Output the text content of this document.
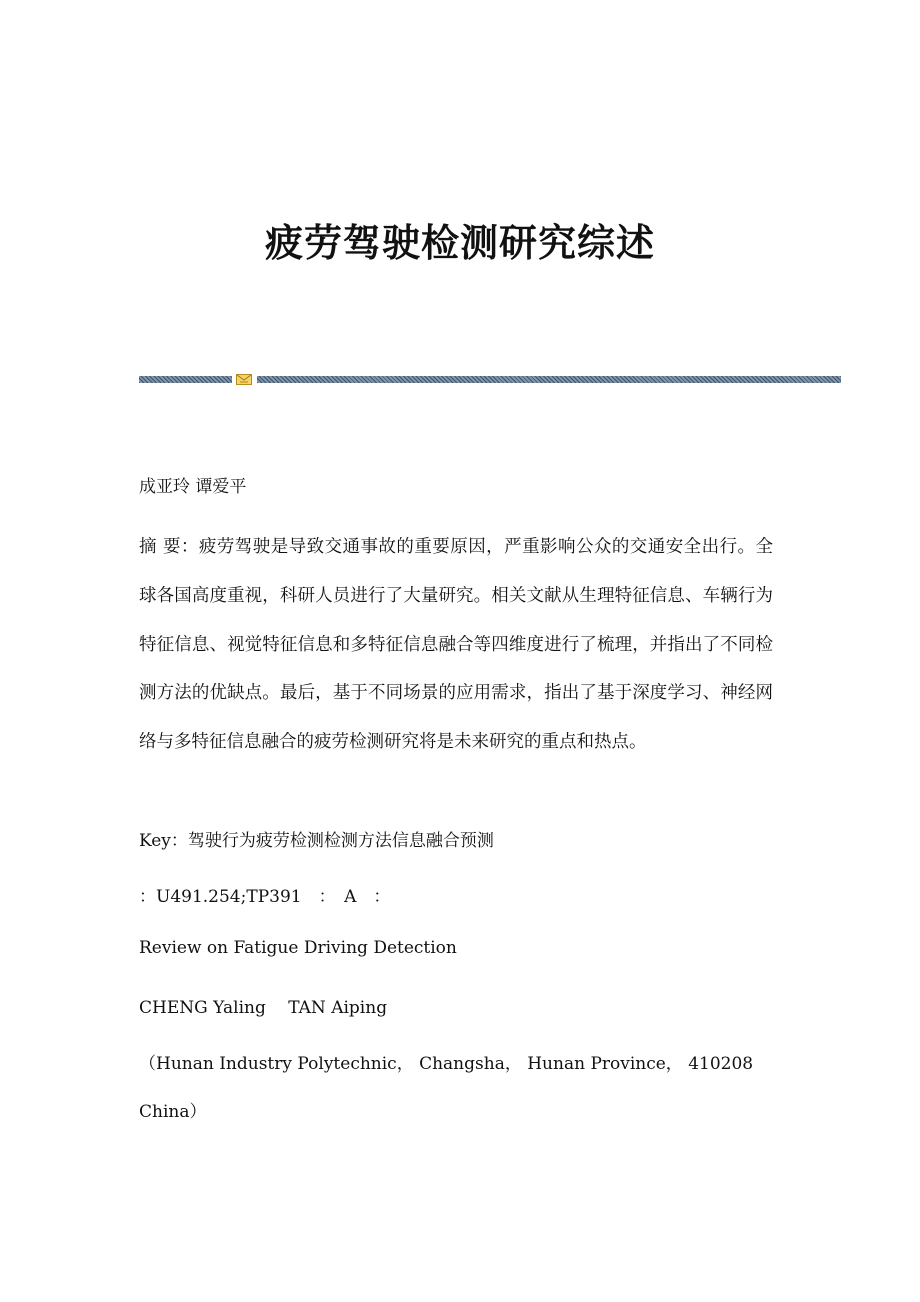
疲劳驾驶检测研究综述

成亚玲 谭爱平

摘 要：疲劳驾驶是导致交通事故的重要原因，严重影响公众的交通安全出行。全球各国高度重视，科研人员进行了大量研究。相关文献从生理特征信息、车辆行为特征信息、视觉特征信息和多特征信息融合等四维度进行了梳理，并指出了不同检测方法的优缺点。最后，基于不同场景的应用需求，指出了基于深度学习、神经网络与多特征信息融合的疲劳检测研究将是未来研究的重点和热点。

Key：驾驶行为疲劳检测检测方法信息融合预测

：U491.254;TP391　：　A　：

Review on Fatigue Driving Detection

CHENG Yaling　 TAN Aiping

（Hunan Industry Polytechnic， Changsha， Hunan Province， 410208

China）
